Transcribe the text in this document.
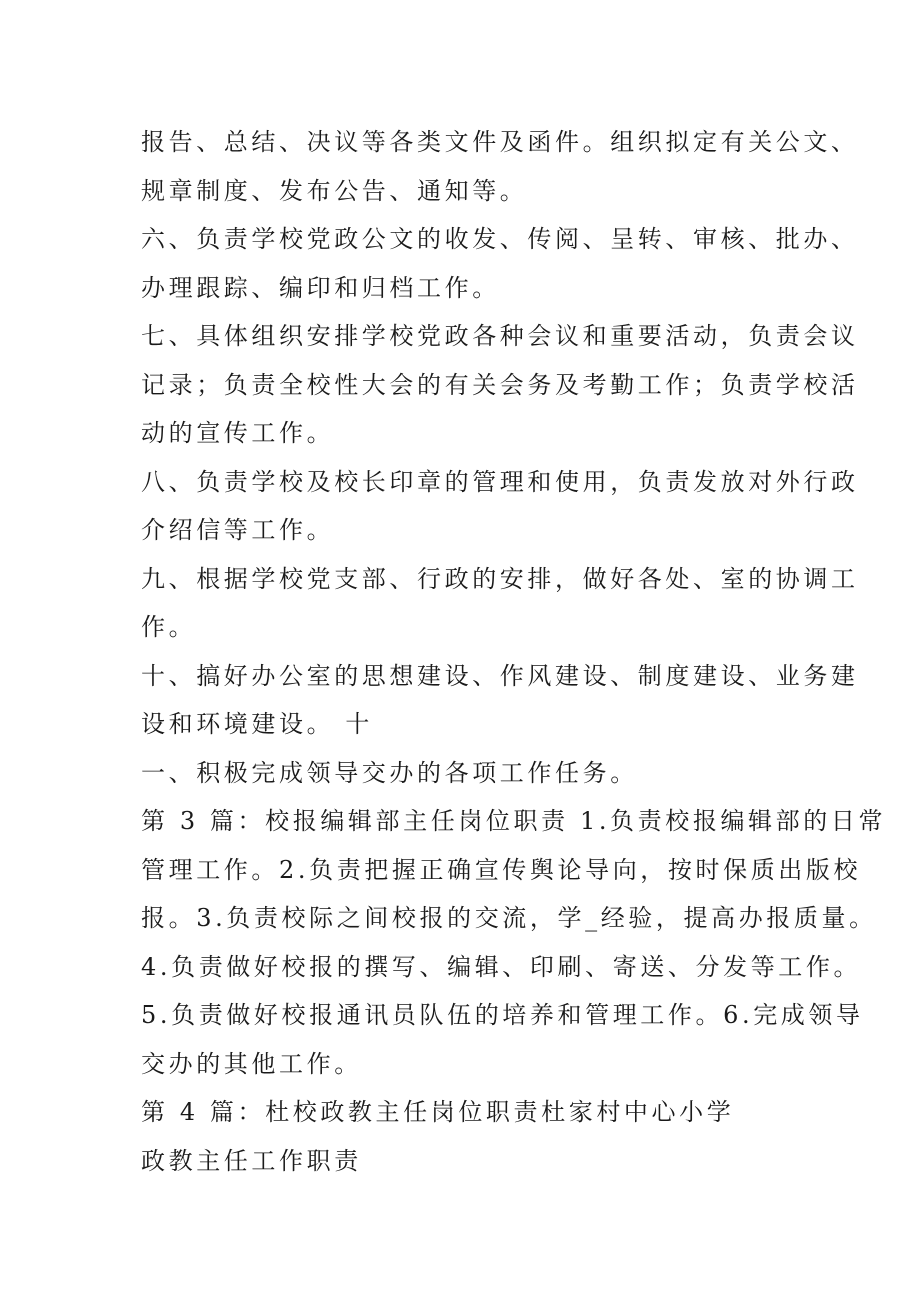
报告、总结、决议等各类文件及函件。组织拟定有关公文、
规章制度、发布公告、通知等。
六、负责学校党政公文的收发、传阅、呈转、审核、批办、
办理跟踪、编印和归档工作。
七、具体组织安排学校党政各种会议和重要活动，负责会议
记录；负责全校性大会的有关会务及考勤工作；负责学校活
动的宣传工作。
八、负责学校及校长印章的管理和使用，负责发放对外行政
介绍信等工作。
九、根据学校党支部、行政的安排，做好各处、室的协调工
作。
十、搞好办公室的思想建设、作风建设、制度建设、业务建
设和环境建设。 十
一、积极完成领导交办的各项工作任务。
第 3 篇：校报编辑部主任岗位职责 1.负责校报编辑部的日常
管理工作。2.负责把握正确宣传舆论导向，按时保质出版校
报。3.负责校际之间校报的交流，学_经验，提高办报质量。
4.负责做好校报的撰写、编辑、印刷、寄送、分发等工作。
5.负责做好校报通讯员队伍的培养和管理工作。6.完成领导
交办的其他工作。
第 4 篇：杜校政教主任岗位职责杜家村中心小学
政教主任工作职责
